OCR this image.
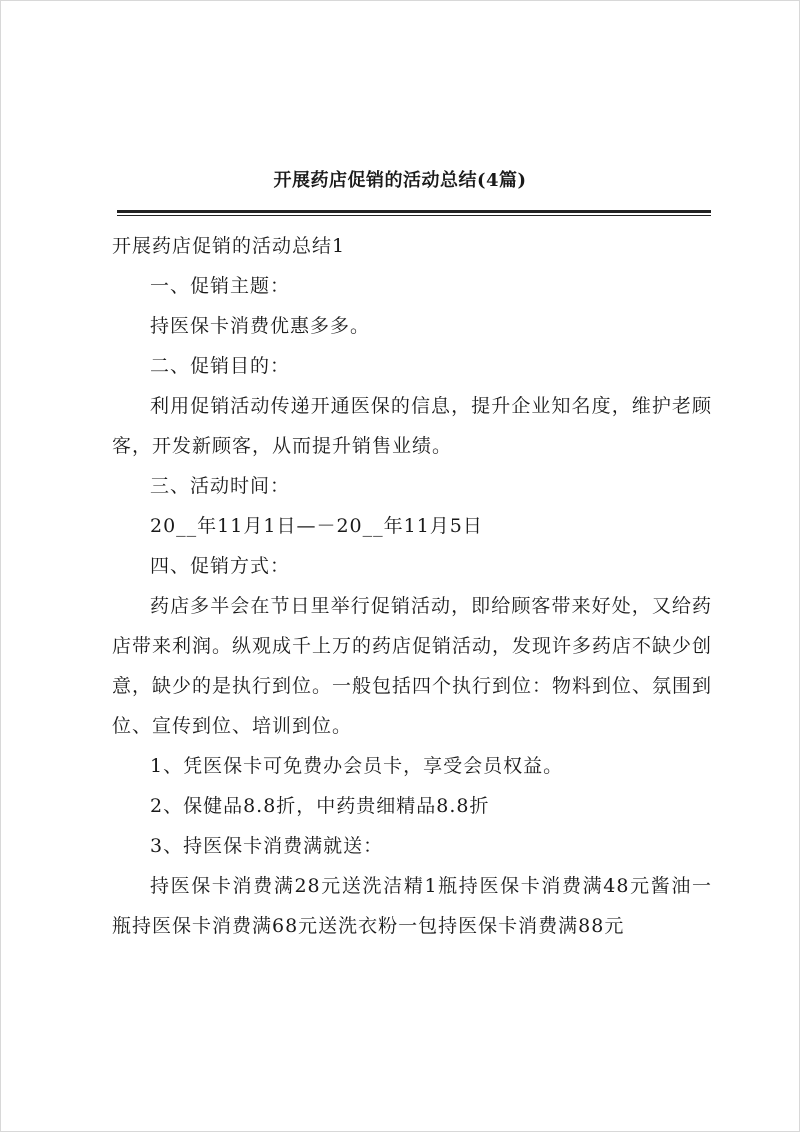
开展药店促销的活动总结(4篇)

开展药店促销的活动总结1

一、促销主题：

持医保卡消费优惠多多。

二、促销目的：

利用促销活动传递开通医保的信息，提升企业知名度，维护老顾客，开发新顾客，从而提升销售业绩。

三、活动时间：

20__年11月1日—－20__年11月5日

四、促销方式：

药店多半会在节日里举行促销活动，即给顾客带来好处，又给药店带来利润。纵观成千上万的药店促销活动，发现许多药店不缺少创意，缺少的是执行到位。一般包括四个执行到位：物料到位、氛围到位、宣传到位、培训到位。

1、凭医保卡可免费办会员卡，享受会员权益。

2、保健品8.8折，中药贵细精品8.8折

3、持医保卡消费满就送：

持医保卡消费满28元送洗洁精1瓶持医保卡消费满48元酱油一瓶持医保卡消费满68元送洗衣粉一包持医保卡消费满88元
